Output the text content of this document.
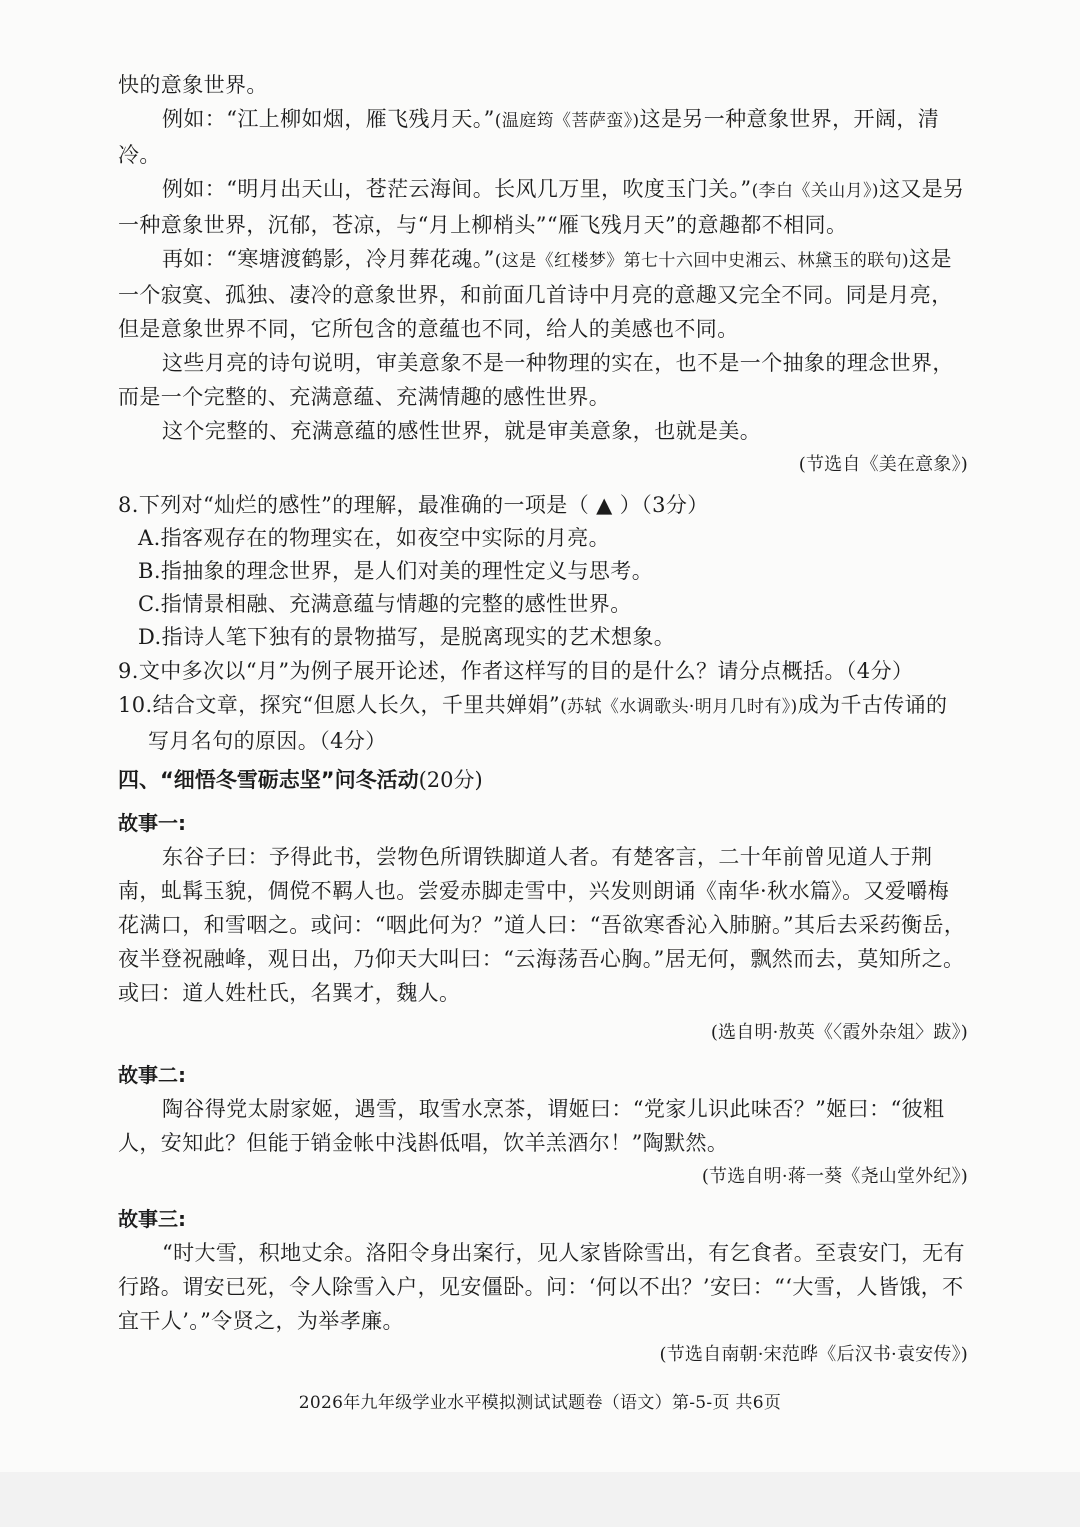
快的意象世界。

例如：“江上柳如烟，雁飞残月天。”(温庭筠《菩萨蛮》)这是另一种意象世界，开阔，清冷。

例如：“明月出天山，苍茫云海间。长风几万里，吹度玉门关。”(李白《关山月》)这又是另一种意象世界，沉郁，苍凉，与“月上柳梢头”“雁飞残月天”的意趣都不相同。

再如：“寒塘渡鹤影，冷月葬花魂。”(这是《红楼梦》第七十六回中史湘云、林黛玉的联句)这是一个寂寞、孤独、凄冷的意象世界，和前面几首诗中月亮的意趣又完全不同。同是月亮，但是意象世界不同，它所包含的意蕴也不同，给人的美感也不同。

这些月亮的诗句说明，审美意象不是一种物理的实在，也不是一个抽象的理念世界，而是一个完整的、充满意蕴、充满情趣的感性世界。

这个完整的、充满意蕴的感性世界，就是审美意象，也就是美。

(节选自《美在意象》)

8.下列对“灿烂的感性”的理解，最准确的一项是（ ▲ ）（3分）

A.指客观存在的物理实在，如夜空中实际的月亮。

B.指抽象的理念世界，是人们对美的理性定义与思考。

C.指情景相融、充满意蕴与情趣的完整的感性世界。

D.指诗人笔下独有的景物描写，是脱离现实的艺术想象。

9.文中多次以“月”为例子展开论述，作者这样写的目的是什么？请分点概括。（4分）

10.结合文章，探究“但愿人长久，千里共婵娟”(苏轼《水调歌头·明月几时有》)成为千古传诵的写月名句的原因。（4分）

四、“细悟冬雪砺志坚”问冬活动(20分)

故事一:

东谷子曰：予得此书，尝物色所谓铁脚道人者。有楚客言，二十年前曾见道人于荆南，虬髯玉貌，倜傥不羁人也。尝爱赤脚走雪中，兴发则朗诵《南华·秋水篇》。又爱嚼梅花满口，和雪咽之。或问：“咽此何为？”道人曰：“吾欲寒香沁入肺腑。”其后去采药衡岳，夜半登祝融峰，观日出，乃仰天大叫曰：“云海荡吾心胸。”居无何，飘然而去，莫知所之。或曰：道人姓杜氏，名巽才，魏人。

(选自明·敖英《〈霞外杂俎〉跋》)

故事二:

陶谷得党太尉家姬，遇雪，取雪水烹茶，谓姬曰：“党家儿识此味否？”姬曰：“彼粗人，安知此？但能于销金帐中浅斟低唱，饮羊羔酒尔！”陶默然。

(节选自明·蒋一葵《尧山堂外纪》)

故事三:

“时大雪，积地丈余。洛阳令身出案行，见人家皆除雪出，有乞食者。至袁安门，无有行路。谓安已死，令人除雪入户，见安僵卧。问：‘何以不出？’安曰：“‘大雪，人皆饿，不宜干人’。”令贤之，为举孝廉。

(节选自南朝·宋范晔《后汉书·袁安传》)

2026年九年级学业水平模拟测试试题卷（语文）第-5-页 共6页
